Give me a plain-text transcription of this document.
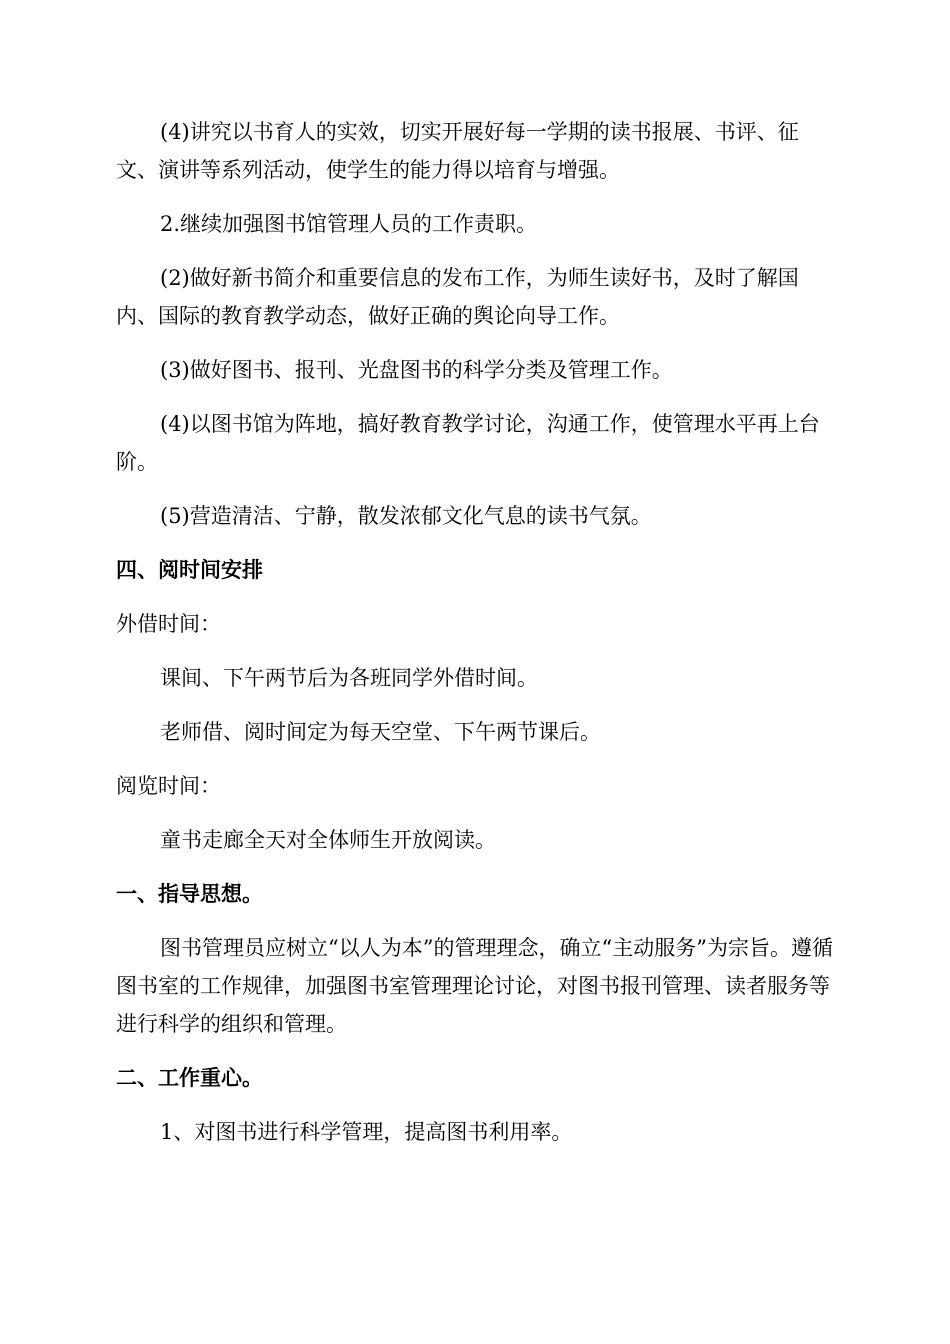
(4)讲究以书育人的实效，切实开展好每一学期的读书报展、书评、征文、演讲等系列活动，使学生的能力得以培育与增强。

2.继续加强图书馆管理人员的工作责职。

(2)做好新书简介和重要信息的发布工作，为师生读好书，及时了解国内、国际的教育教学动态，做好正确的舆论向导工作。

(3)做好图书、报刊、光盘图书的科学分类及管理工作。

(4)以图书馆为阵地，搞好教育教学讨论，沟通工作，使管理水平再上台阶。

(5)营造清洁、宁静，散发浓郁文化气息的读书气氛。

四、阅时间安排

外借时间：

课间、下午两节后为各班同学外借时间。

老师借、阅时间定为每天空堂、下午两节课后。

阅览时间：

童书走廊全天对全体师生开放阅读。

一、指导思想。

图书管理员应树立“以人为本”的管理理念，确立“主动服务”为宗旨。遵循图书室的工作规律，加强图书室管理理论讨论，对图书报刊管理、读者服务等进行科学的组织和管理。

二、工作重心。

1、对图书进行科学管理，提高图书利用率。
